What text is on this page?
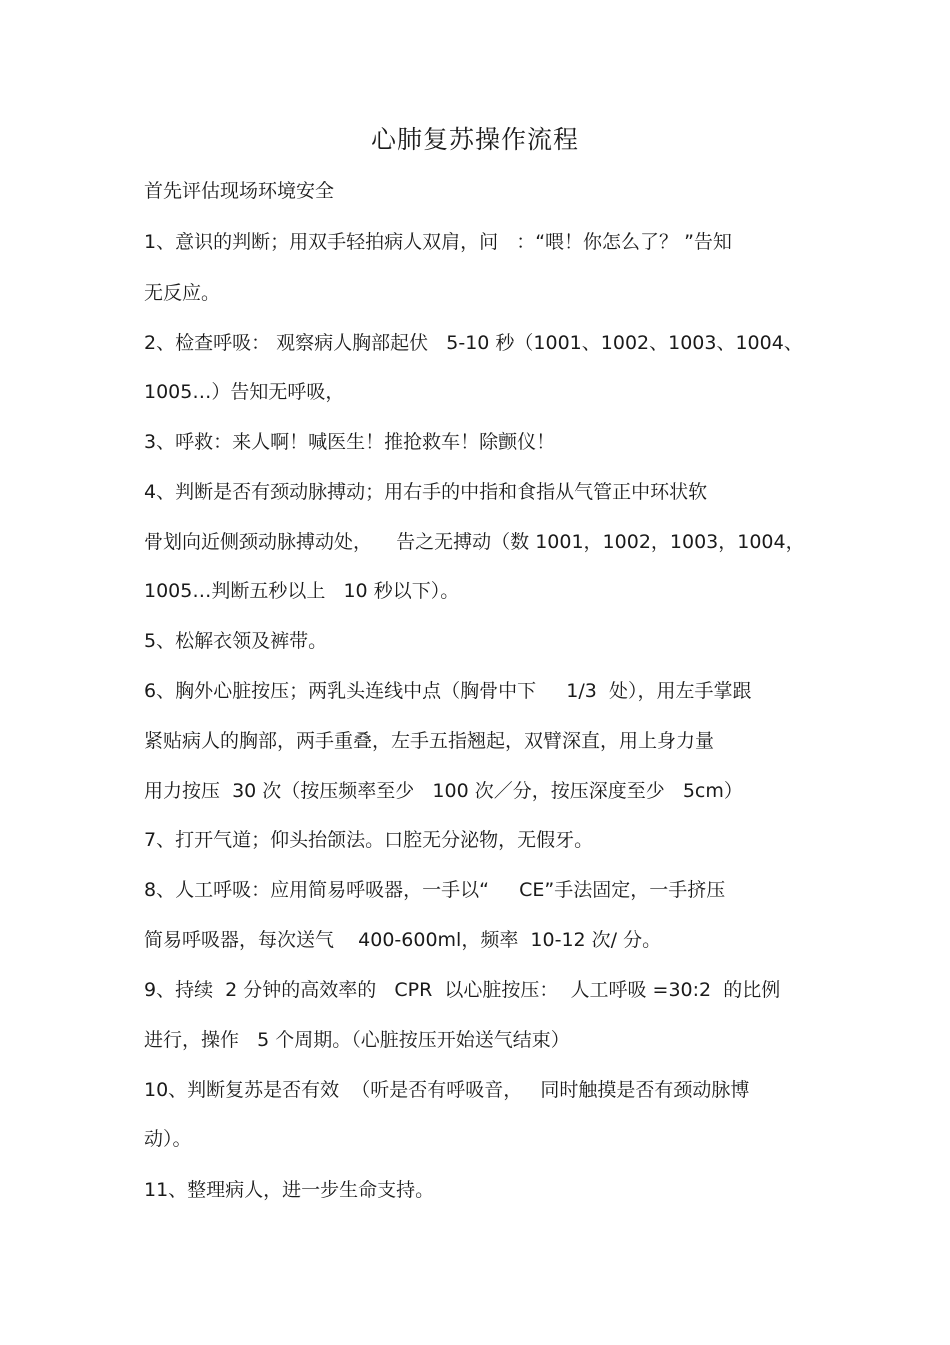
心肺复苏操作流程
首先评估现场环境安全
1、意识的判断；用双手轻拍病人双肩，问   ：“喂！你怎么了？ ”告知
无反应。
2、检查呼吸： 观察病人胸部起伏   5-10 秒（1001、1002、1003、1004、
1005…）告知无呼吸，
3、呼救：来人啊！喊医生！推抢救车！除颤仪！
4、判断是否有颈动脉搏动；用右手的中指和食指从气管正中环状软
骨划向近侧颈动脉搏动处，    告之无搏动（数 1001，1002，1003，1004，
1005…判断五秒以上   10 秒以下）。
5、松解衣领及裤带。
6、胸外心脏按压；两乳头连线中点（胸骨中下     1/3  处），用左手掌跟
紧贴病人的胸部，两手重叠，左手五指翘起，双臂深直，用上身力量
用力按压  30 次（按压频率至少   100 次／分，按压深度至少   5cm）
7、打开气道；仰头抬颌法。口腔无分泌物，无假牙。
8、人工呼吸：应用简易呼吸器，一手以“     CE”手法固定，一手挤压
简易呼吸器，每次送气    400-600ml，频率  10-12 次/ 分。
9、持续  2 分钟的高效率的   CPR  以心脏按压：  人工呼吸 =30:2  的比例
进行，操作   5 个周期。（心脏按压开始送气结束）
10、判断复苏是否有效  （听是否有呼吸音，   同时触摸是否有颈动脉博
动）。
11、整理病人，进一步生命支持。
